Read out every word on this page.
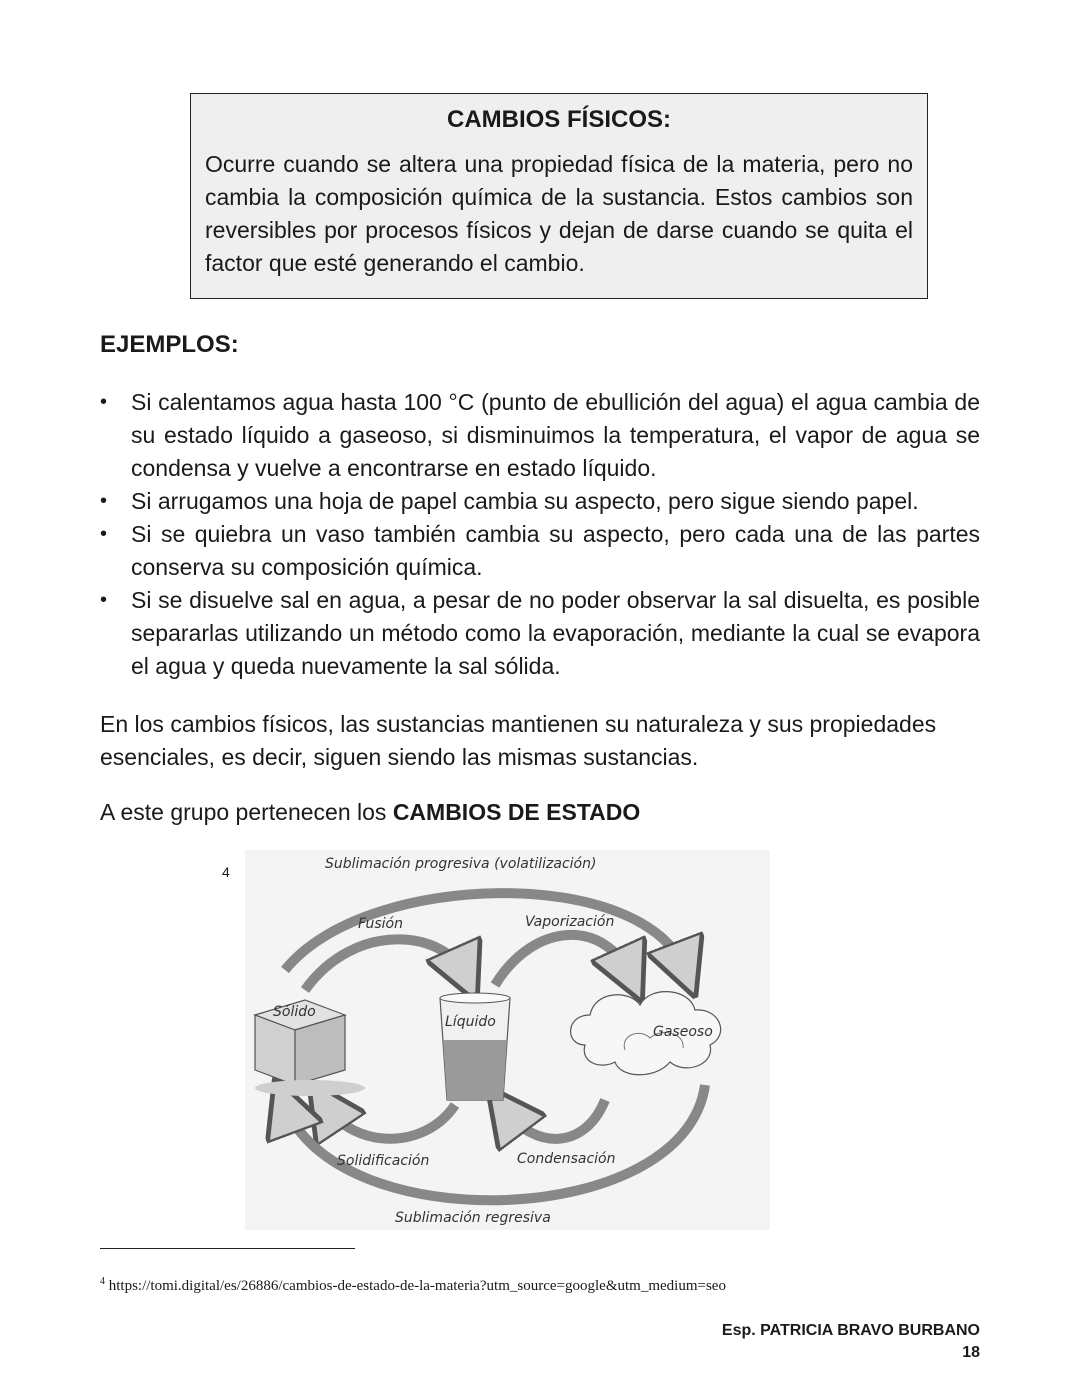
CAMBIOS FÍSICOS:
Ocurre cuando se altera una propiedad física de la materia, pero no cambia la composición química de la sustancia. Estos cambios son reversibles por procesos físicos y dejan de darse cuando se quita el factor que esté generando el cambio.
EJEMPLOS:
• Si calentamos agua hasta 100 °C (punto de ebullición del agua) el agua cambia de su estado líquido a gaseoso, si disminuimos la temperatura, el vapor de agua se condensa y vuelve a encontrarse en estado líquido.
• Si arrugamos una hoja de papel cambia su aspecto, pero sigue siendo papel.
• Si se quiebra un vaso también cambia su aspecto, pero cada una de las partes conserva su composición química.
• Si se disuelve sal en agua, a pesar de no poder observar la sal disuelta, es posible separarlas utilizando un método como la evaporación, mediante la cual se evapora el agua y queda nuevamente la sal sólida.
En los cambios físicos, las sustancias mantienen su naturaleza y sus propiedades esenciales, es decir, siguen siendo las mismas sustancias.
A este grupo pertenecen los CAMBIOS DE ESTADO
4	Sublimación progresiva (volatilización)
Fusión	Vaporización
Sólido
Líquido
Gaseoso
Solidificación	Condensación
Sublimación regresiva
$^4$ https://tomi.digital/es/26886/cambios-de-estado-de-la-materia?utm_source=google&utm_medium=seo
Esp. PATRICIA BRAVO BURBANO
18
